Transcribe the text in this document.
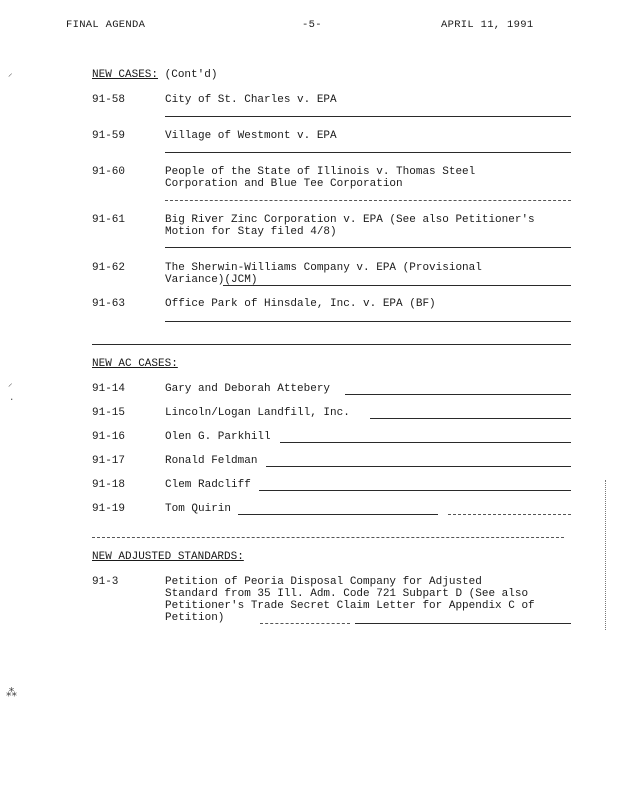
FINAL AGENDA	-5-	APRIL 11, 1991
NEW CASES: (Cont'd)
91-58	City of St. Charles v. EPA
91-59	Village of Westmont v. EPA
91-60	People of the State of Illinois v. Thomas Steel
Corporation and Blue Tee Corporation
91-61	Big River Zinc Corporation v. EPA (See also Petitioner's
Motion for Stay filed 4/8)
91-62	The Sherwin-Williams Company v. EPA (Provisional
Variance)(JCM)
91-63	Office Park of Hinsdale, Inc. v. EPA (BF)
NEW AC CASES:
91-14	Gary and Deborah Attebery
91-15	Lincoln/Logan Landfill, Inc.
91-16	Olen G. Parkhill
91-17	Ronald Feldman
91-18	Clem Radcliff
91-19	Tom Quirin
NEW ADJUSTED STANDARDS:
91-3	Petition of Peoria Disposal Company for Adjusted
Standard from 35 Ill. Adm. Code 721 Subpart D (See also
Petitioner's Trade Secret Claim Letter for Appendix C of
Petition)
⸝
⸝
·
⁂
